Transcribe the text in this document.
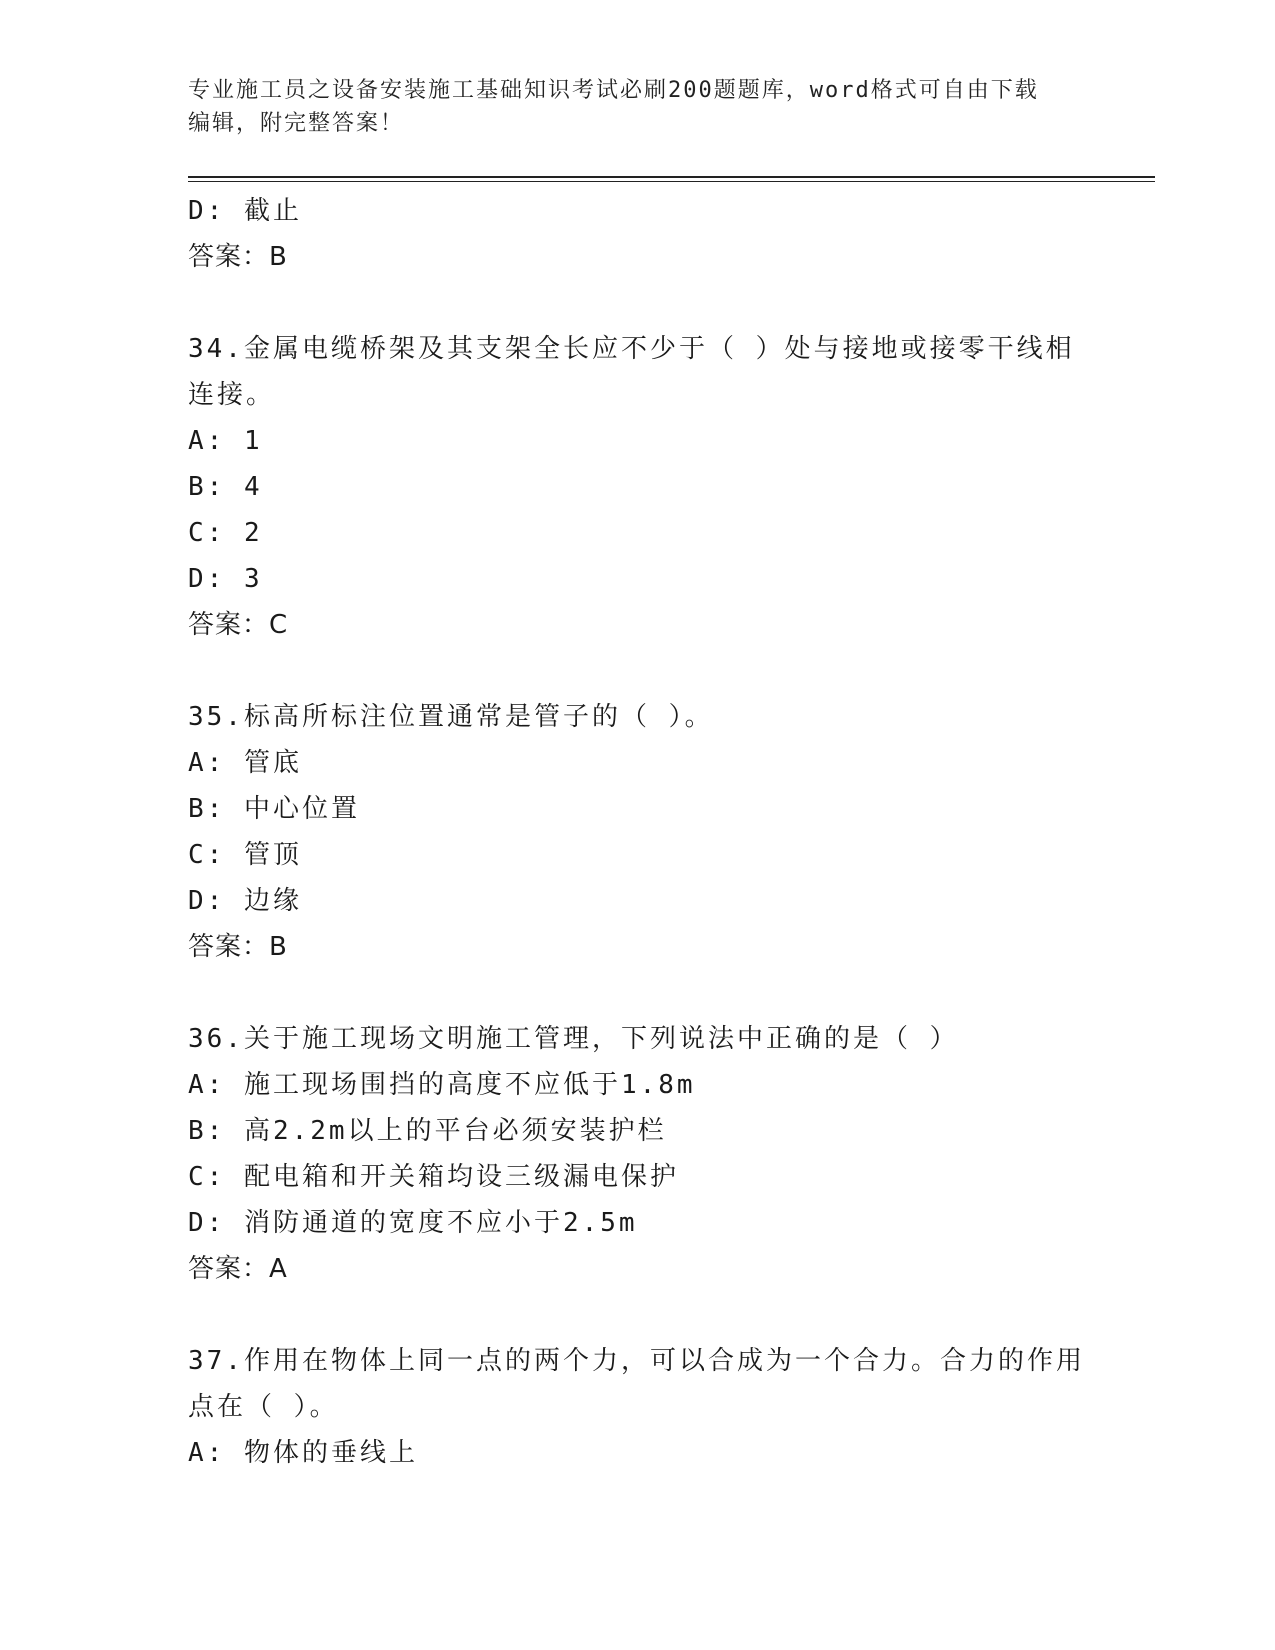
专业施工员之设备安装施工基础知识考试必刷200题题库，word格式可自由下载
编辑，附完整答案！
D: 截止
答案：B
34.金属电缆桥架及其支架全长应不少于（ ）处与接地或接零干线相
连接。
A: 1
B: 4
C: 2
D: 3
答案：C
35.标高所标注位置通常是管子的（ ）。
A: 管底
B: 中心位置
C: 管顶
D: 边缘
答案：B
36.关于施工现场文明施工管理，下列说法中正确的是（ ）
A: 施工现场围挡的高度不应低于1.8m
B: 高2.2m以上的平台必须安装护栏
C: 配电箱和开关箱均设三级漏电保护
D: 消防通道的宽度不应小于2.5m
答案：A
37.作用在物体上同一点的两个力，可以合成为一个合力。合力的作用
点在（ ）。
A: 物体的垂线上
